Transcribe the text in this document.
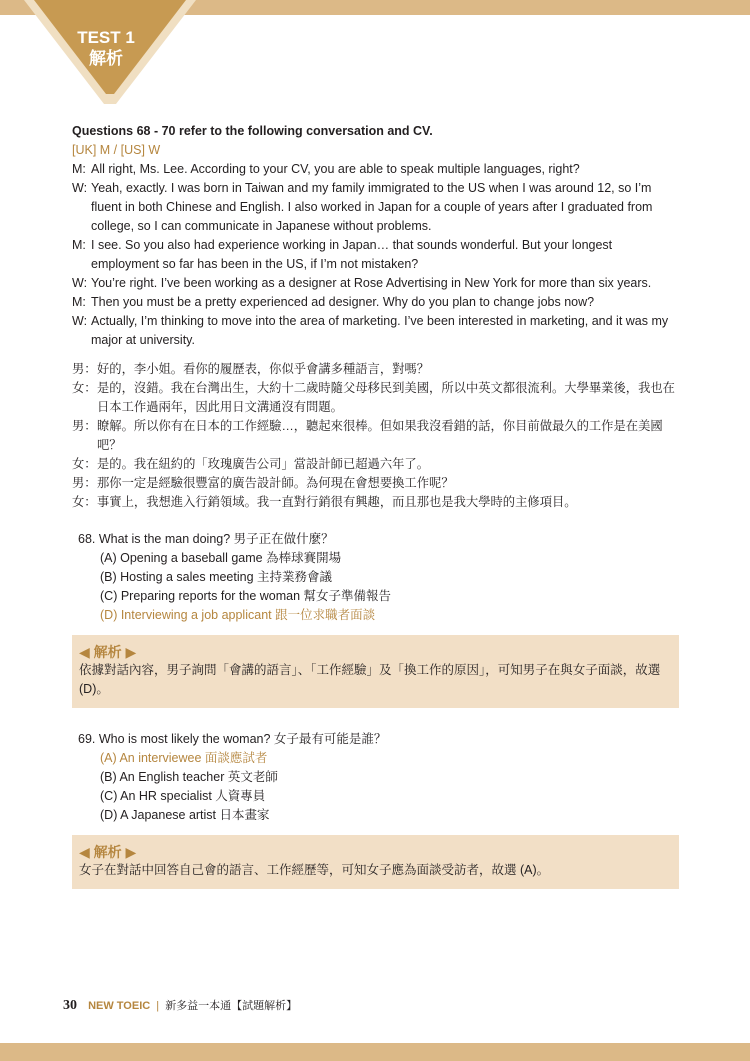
TEST 1
解析
Questions 68 - 70 refer to the following conversation and CV.
[UK] M / [US] W
M: All right, Ms. Lee. According to your CV, you are able to speak multiple languages, right?
W: Yeah, exactly. I was born in Taiwan and my family immigrated to the US when I was around 12, so I’m fluent in both Chinese and English. I also worked in Japan for a couple of years after I graduated from college, so I can communicate in Japanese without problems.
M: I see. So you also had experience working in Japan… that sounds wonderful. But your longest employment so far has been in the US, if I’m not mistaken?
W: You’re right. I’ve been working as a designer at Rose Advertising in New York for more than six years.
M: Then you must be a pretty experienced ad designer. Why do you plan to change jobs now?
W: Actually, I’m thinking to move into the area of marketing. I’ve been interested in marketing, and it was my major at university.
男： 好的，李小姐。看你的履歷表，你似乎會講多種語言，對嗎？
女： 是的，沒錯。我在台灣出生，大約十二歲時隨父母移民到美國，所以中英文都很流利。大學畢業後，我也在日本工作過兩年，因此用日文溝通沒有問題。
男： 瞭解。所以你有在日本的工作經驗…，聽起來很棒。但如果我沒看錯的話，你目前做最久的工作是在美國吧？
女： 是的。我在紐約的「玫瑰廣告公司」當設計師已超過六年了。
男： 那你一定是經驗很豐富的廣告設計師。為何現在會想要換工作呢？
女： 事實上，我想進入行銷領域。我一直對行銷很有興趣，而且那也是我大學時的主修項目。
68. What is the man doing? 男子正在做什麼？
(A) Opening a baseball game 為棒球賽開場
(B) Hosting a sales meeting 主持業務會議
(C) Preparing reports for the woman 幫女子準備報告
(D) Interviewing a job applicant 跟一位求職者面談
◀ 解析 ▶
依據對話內容，男子詢問「會講的語言」、「工作經驗」及「換工作的原因」，可知男子在與女子面談，故選 (D)。
69. Who is most likely the woman? 女子最有可能是誰？
(A) An interviewee 面談應試者
(B) An English teacher 英文老師
(C) An HR specialist 人資專員
(D) A Japanese artist 日本畫家
◀ 解析 ▶
女子在對話中回答自己會的語言、工作經歷等，可知女子應為面談受訪者，故選 (A)。
30 NEW TOEIC | 新多益一本通【試題解析】
